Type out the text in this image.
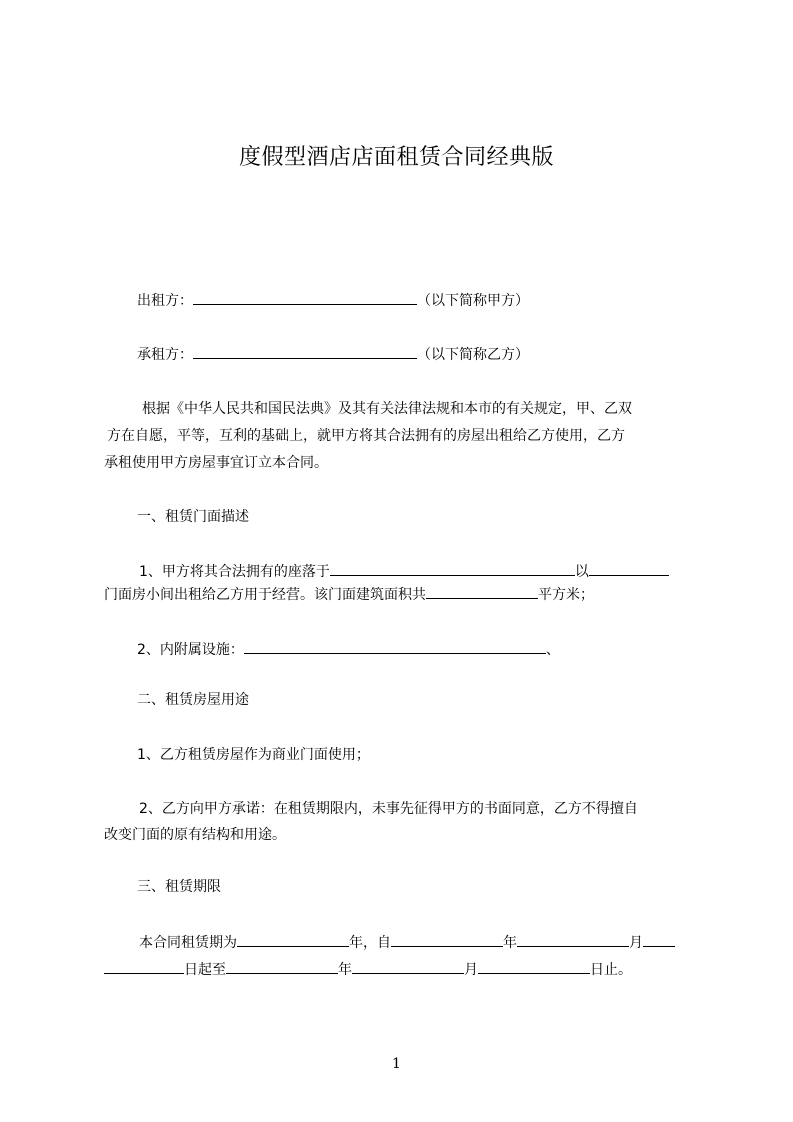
度假型酒店店面租赁合同经典版
出租方：	（以下简称甲方）
承租方：	（以下简称乙方）
根据《中华人民共和国民法典》及其有关法律法规和本市的有关规定，甲、乙双
方在自愿，平等，互利的基础上，就甲方将其合法拥有的房屋出租给乙方使用，乙方
承租使用甲方房屋事宜订立本合同。
一、租赁门面描述
1、甲方将其合法拥有的座落于	以
门面房小间出租给乙方用于经营。该门面建筑面积共	平方米；
2、内附属设施：	、
二、租赁房屋用途
1、乙方租赁房屋作为商业门面使用；
2、乙方向甲方承诺：在租赁期限内，未事先征得甲方的书面同意，乙方不得擅自
改变门面的原有结构和用途。
三、租赁期限
本合同租赁期为	年，自	年	月
日起至	年	月	日止。
1
